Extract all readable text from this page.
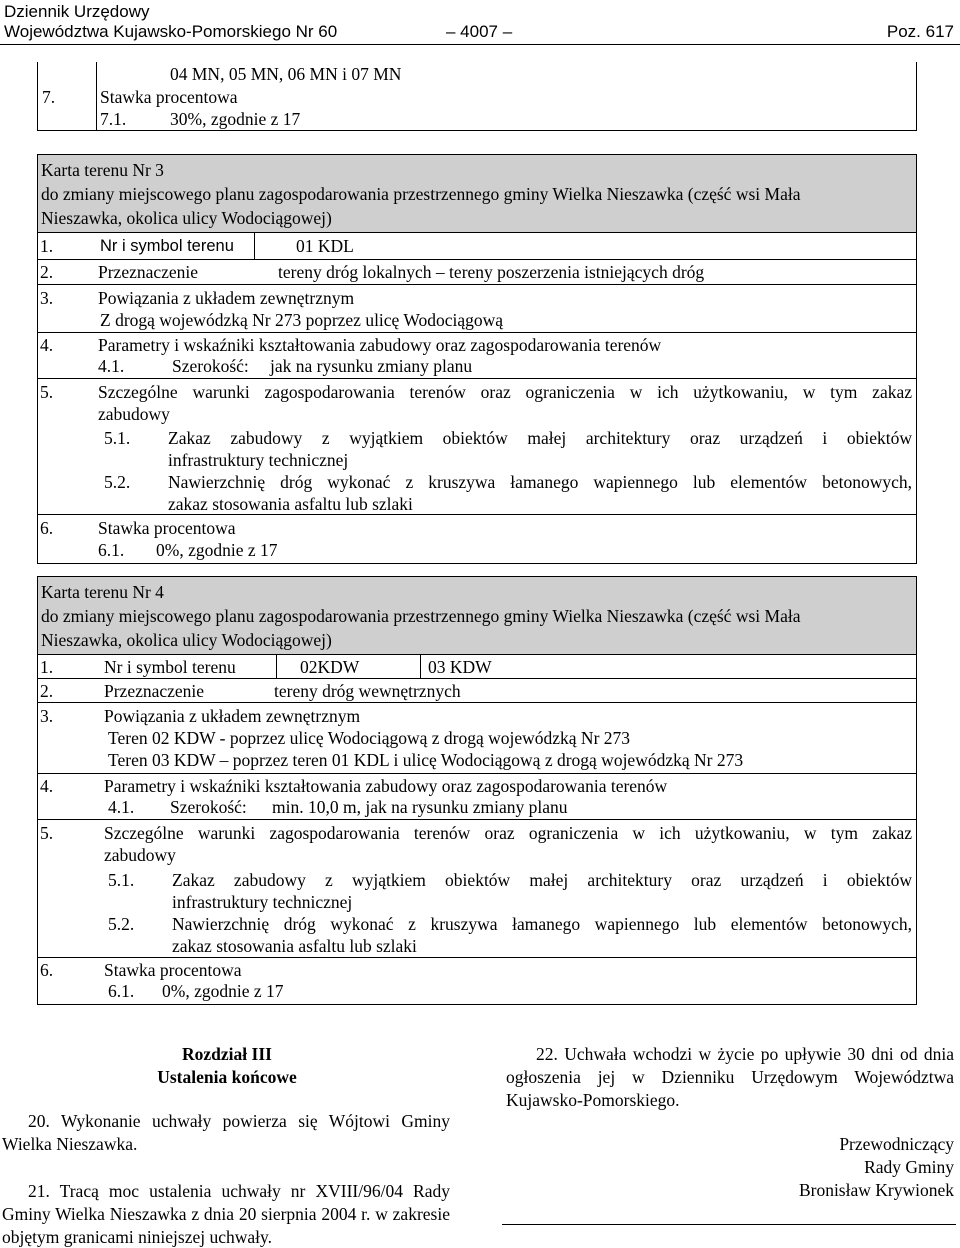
Dziennik Urzędowy
Województwa Kujawsko-Pomorskiego Nr 60	– 4007 –	Poz. 617
04 MN, 05 MN, 06 MN i 07 MN
7.	Stawka procentowa
7.1.	30%, zgodnie z 17
Karta terenu Nr 3
do zmiany miejscowego planu zagospodarowania przestrzennego gminy Wielka Nieszawka (część wsi Mała
Nieszawka, okolica ulicy Wodociągowej)
1.	Nr i symbol terenu	01 KDL
2.	Przeznaczenie	tereny dróg lokalnych – tereny poszerzenia istniejących dróg
3.	Powiązania z układem zewnętrznym
Z drogą wojewódzką Nr 273 poprzez ulicę Wodociągową
4.	Parametry i wskaźniki kształtowania zabudowy oraz zagospodarowania terenów
4.1.	Szerokość: jak na rysunku zmiany planu
5.	Szczególne warunki zagospodarowania terenów oraz ograniczenia w ich użytkowaniu, w tym zakaz
zabudowy
5.1. Zakaz zabudowy z wyjątkiem obiektów małej architektury oraz urządzeń i obiektów
infrastruktury technicznej
5.2. Nawierzchnię dróg wykonać z kruszywa łamanego wapiennego lub elementów betonowych,
zakaz stosowania asfaltu lub szlaki
6.	Stawka procentowa
6.1. 0%, zgodnie z 17
Karta terenu Nr 4
do zmiany miejscowego planu zagospodarowania przestrzennego gminy Wielka Nieszawka (część wsi Mała
Nieszawka, okolica ulicy Wodociągowej)
1.	Nr i symbol terenu	02KDW	03 KDW
2.	Przeznaczenie	tereny dróg wewnętrznych
3.	Powiązania z układem zewnętrznym
Teren 02 KDW - poprzez ulicę Wodociągową z drogą wojewódzką Nr 273
Teren 03 KDW – poprzez teren 01 KDL i ulicę Wodociągową z drogą wojewódzką Nr 273
4.	Parametry i wskaźniki kształtowania zabudowy oraz zagospodarowania terenów
4.1. Szerokość: min. 10,0 m, jak na rysunku zmiany planu
5.	Szczególne warunki zagospodarowania terenów oraz ograniczenia w ich użytkowaniu, w tym zakaz
zabudowy
5.1. Zakaz zabudowy z wyjątkiem obiektów małej architektury oraz urządzeń i obiektów
infrastruktury technicznej
5.2. Nawierzchnię dróg wykonać z kruszywa łamanego wapiennego lub elementów betonowych,
zakaz stosowania asfaltu lub szlaki
6.	Stawka procentowa
6.1. 0%, zgodnie z 17
Rozdział III
Ustalenia końcowe
20. Wykonanie uchwały powierza się Wójtowi Gminy Wielka Nieszawka.
21. Tracą moc ustalenia uchwały nr XVIII/96/04 Rady Gminy Wielka Nieszawka z dnia 20 sierpnia 2004 r. w zakresie objętym granicami niniejszej uchwały.
22. Uchwała wchodzi w życie po upływie 30 dni od dnia ogłoszenia jej w Dzienniku Urzędowym Województwa Kujawsko-Pomorskiego.
Przewodniczący
Rady Gminy
Bronisław Krywionek
